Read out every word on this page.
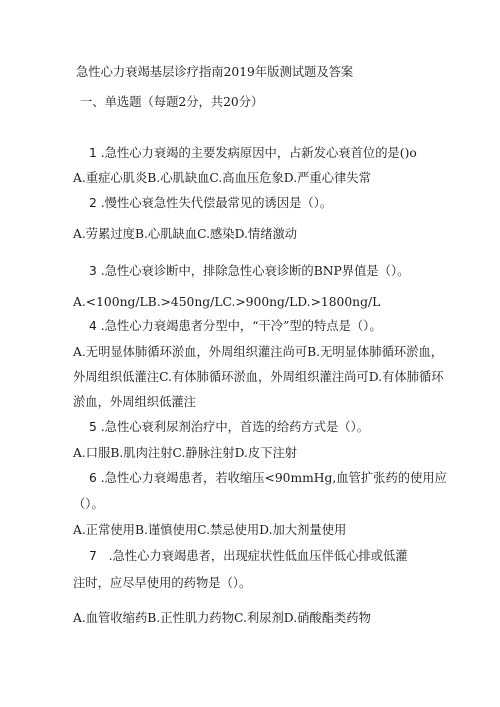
急性心力衰竭基层诊疗指南2019年版测试题及答案
一、单选题（每题2分，共20分）
1 .急性心力衰竭的主要发病原因中，占新发心衰首位的是()o
A.重症心肌炎B.心肌缺血C.高血压危象D.严重心律失常
2 .慢性心衰急性失代偿最常见的诱因是（）。
A.劳累过度B.心肌缺血C.感染D.情绪激动
3 .急性心衰诊断中，排除急性心衰诊断的BNP界值是（）。
A.<100ng/LB.>450ng/LC.>900ng/LD.>1800ng/L
4 .急性心力衰竭患者分型中，“干冷”型的特点是（）。
A.无明显体肺循环淤血，外周组织灌注尚可B.无明显体肺循环淤血，
外周组织低灌注C.有体肺循环淤血，外周组织灌注尚可D.有体肺循环
淤血，外周组织低灌注
5 .急性心衰利尿剂治疗中，首选的给药方式是（）。
A.口服B.肌肉注射C.静脉注射D.皮下注射
6 .急性心力衰竭患者，若收缩压<90mmHg,血管扩张药的使用应
（）。
A.正常使用B.谨慎使用C.禁忌使用D.加大剂量使用
7 .急性心力衰竭患者，出现症状性低血压伴低心排或低灌
注时，应尽早使用的药物是（）。
A.血管收缩药B.正性肌力药物C.利尿剂D.硝酸酯类药物
